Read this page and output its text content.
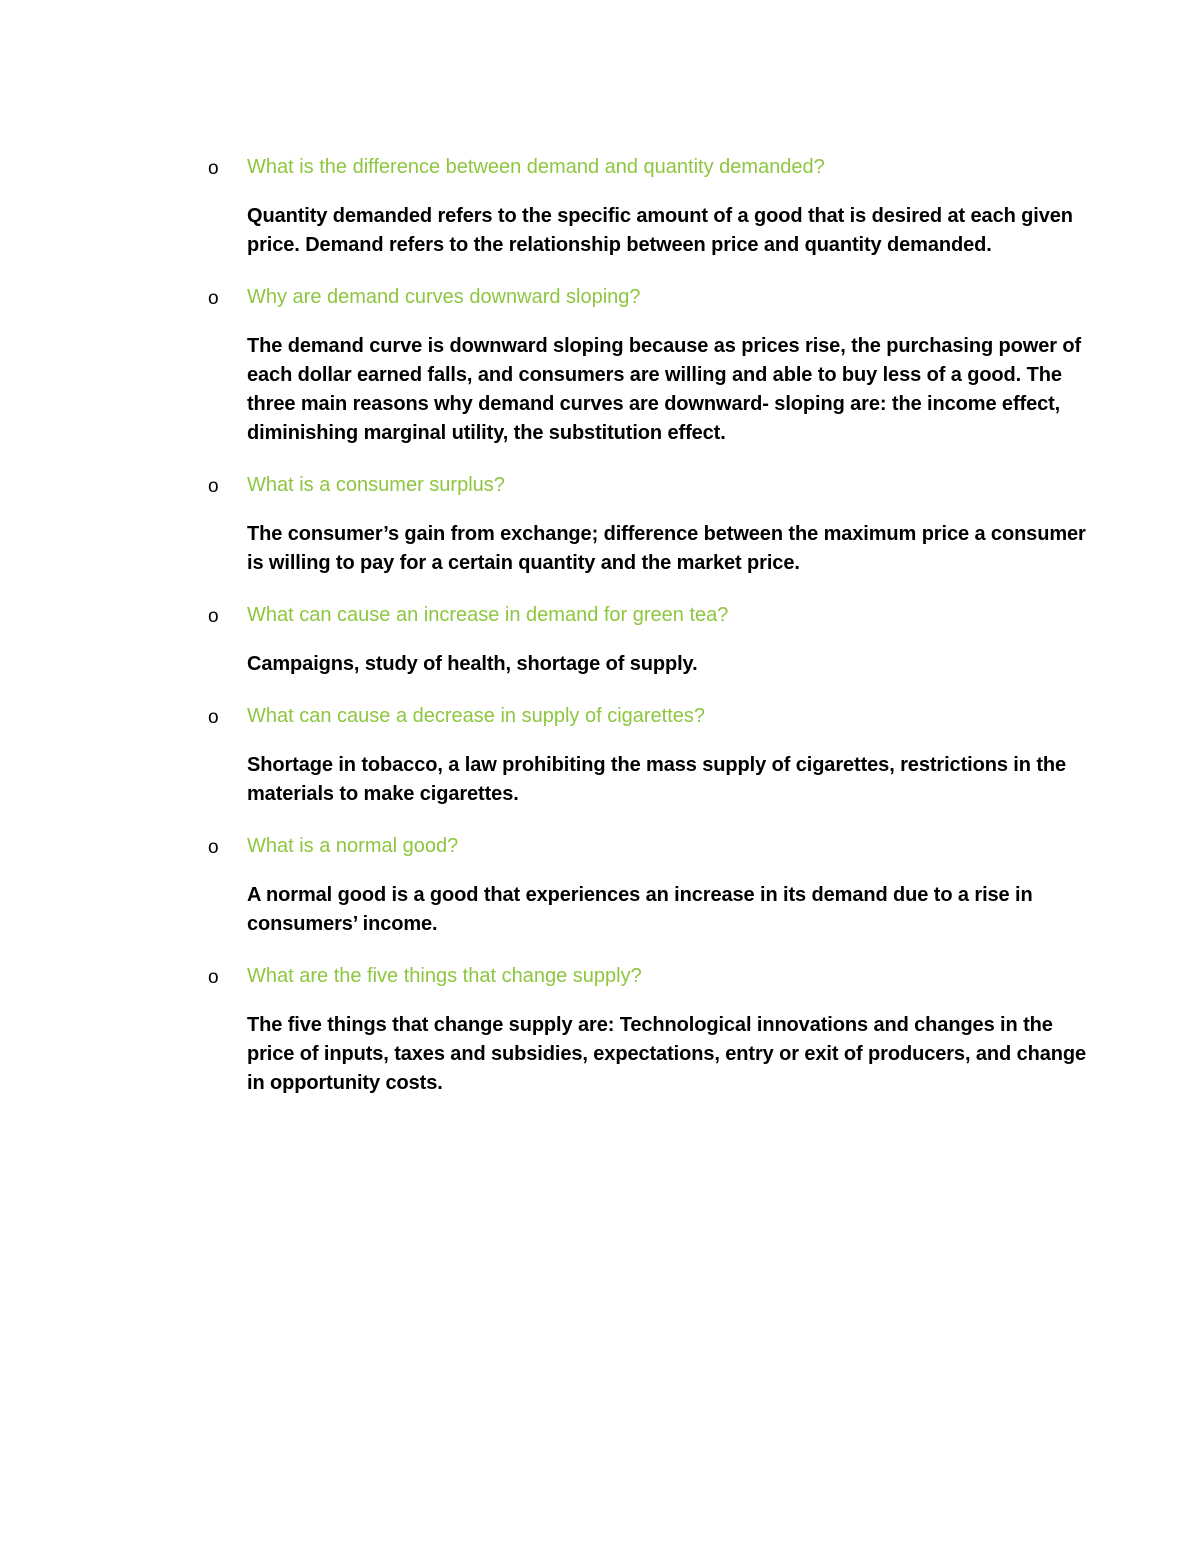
o What is the difference between demand and quantity demanded?

Quantity demanded refers to the specific amount of a good that is desired at each given price. Demand refers to the relationship between price and quantity demanded.

o Why are demand curves downward sloping?

The demand curve is downward sloping because as prices rise, the purchasing power of each dollar earned falls, and consumers are willing and able to buy less of a good. The three main reasons why demand curves are downward- sloping are: the income effect, diminishing marginal utility, the substitution effect.

o What is a consumer surplus?

The consumer’s gain from exchange; difference between the maximum price a consumer is willing to pay for a certain quantity and the market price.

o What can cause an increase in demand for green tea?

Campaigns, study of health, shortage of supply.

o What can cause a decrease in supply of cigarettes?

Shortage in tobacco, a law prohibiting the mass supply of cigarettes, restrictions in the materials to make cigarettes.

o What is a normal good?

A normal good is a good that experiences an increase in its demand due to a rise in consumers’ income.

o What are the five things that change supply?

The five things that change supply are: Technological innovations and changes in the price of inputs, taxes and subsidies, expectations, entry or exit of producers, and change in opportunity costs.
